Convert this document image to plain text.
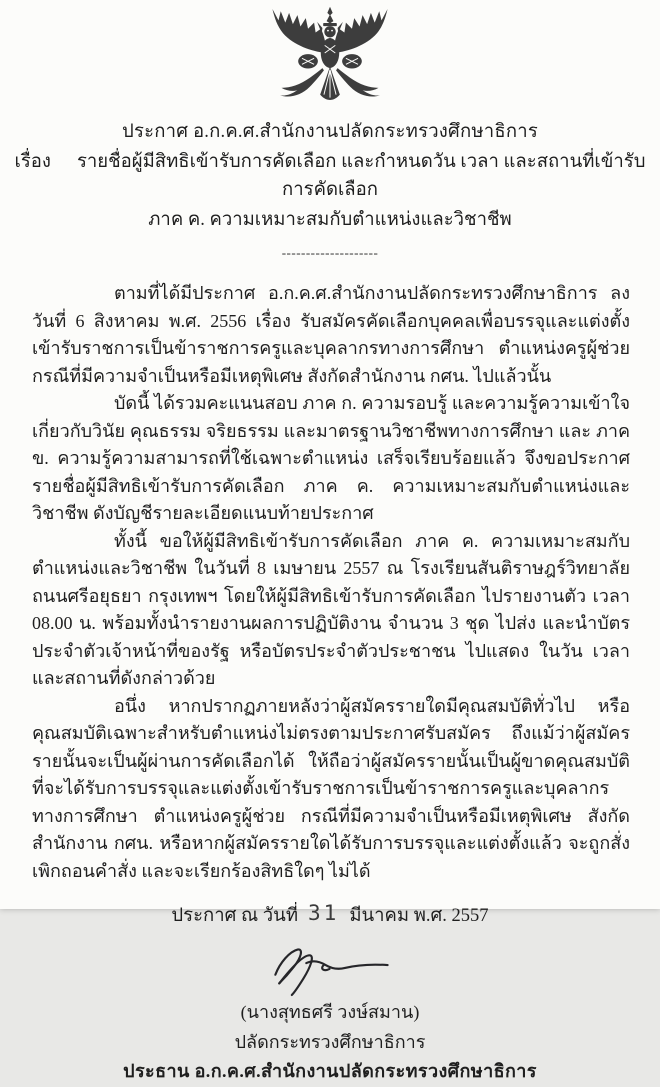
ประกาศ อ.ก.ค.ศ.สำนักงานปลัดกระทรวงศึกษาธิการ
เรื่อง รายชื่อผู้มีสิทธิเข้ารับการคัดเลือก และกำหนดวัน เวลา และสถานที่เข้ารับการคัดเลือก
ภาค ค. ความเหมาะสมกับตำแหน่งและวิชาชีพ
--------------------

ตามที่ได้มีประกาศ อ.ก.ค.ศ.สำนักงานปลัดกระทรวงศึกษาธิการ ลงวันที่ 6 สิงหาคม พ.ศ. 2556 เรื่อง รับสมัครคัดเลือกบุคคลเพื่อบรรจุและแต่งตั้งเข้ารับราชการเป็นข้าราชการครูและบุคลากรทางการศึกษา ตำแหน่งครูผู้ช่วย กรณีที่มีความจำเป็นหรือมีเหตุพิเศษ สังกัดสำนักงาน กศน. ไปแล้วนั้น

บัดนี้ ได้รวมคะแนนสอบ ภาค ก. ความรอบรู้ และความรู้ความเข้าใจเกี่ยวกับวินัย คุณธรรม จริยธรรม และมาตรฐานวิชาชีพทางการศึกษา และ ภาค ข. ความรู้ความสามารถที่ใช้เฉพาะตำแหน่ง เสร็จเรียบร้อยแล้ว จึงขอประกาศรายชื่อผู้มีสิทธิเข้ารับการคัดเลือก ภาค ค. ความเหมาะสมกับตำแหน่งและวิชาชีพ ดังบัญชีรายละเอียดแนบท้ายประกาศ

ทั้งนี้ ขอให้ผู้มีสิทธิเข้ารับการคัดเลือก ภาค ค. ความเหมาะสมกับตำแหน่งและวิชาชีพ ในวันที่ 8 เมษายน 2557 ณ โรงเรียนสันติราษฎร์วิทยาลัย ถนนศรีอยุธยา กรุงเทพฯ โดยให้ผู้มีสิทธิเข้ารับการคัดเลือก ไปรายงานตัว เวลา 08.00 น. พร้อมทั้งนำรายงานผลการปฏิบัติงาน จำนวน 3 ชุด ไปส่ง และนำบัตรประจำตัวเจ้าหน้าที่ของรัฐ หรือบัตรประจำตัวประชาชน ไปแสดง ในวัน เวลา และสถานที่ดังกล่าวด้วย

อนึ่ง หากปรากฏภายหลังว่าผู้สมัครรายใดมีคุณสมบัติทั่วไป หรือคุณสมบัติเฉพาะสำหรับตำแหน่งไม่ตรงตามประกาศรับสมัคร ถึงแม้ว่าผู้สมัครรายนั้นจะเป็นผู้ผ่านการคัดเลือกได้ ให้ถือว่าผู้สมัครรายนั้นเป็นผู้ขาดคุณสมบัติที่จะได้รับการบรรจุและแต่งตั้งเข้ารับราชการเป็นข้าราชการครูและบุคลากรทางการศึกษา ตำแหน่งครูผู้ช่วย กรณีที่มีความจำเป็นหรือมีเหตุพิเศษ สังกัดสำนักงาน กศน. หรือหากผู้สมัครรายใดได้รับการบรรจุและแต่งตั้งแล้ว จะถูกสั่งเพิกถอนคำสั่ง และจะเรียกร้องสิทธิใดๆ ไม่ได้

ประกาศ ณ วันที่ 31 มีนาคม พ.ศ. 2557
(นางสุทธศรี วงษ์สมาน)
ปลัดกระทรวงศึกษาธิการ
ประธาน อ.ก.ค.ศ.สำนักงานปลัดกระทรวงศึกษาธิการ
